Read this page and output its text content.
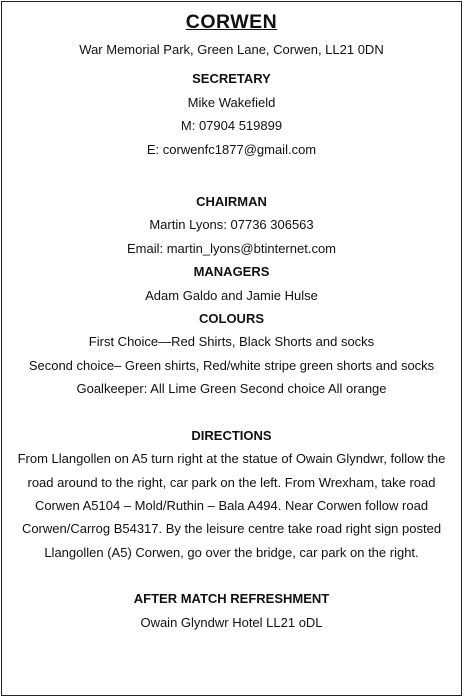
CORWEN
War Memorial Park, Green Lane, Corwen, LL21 0DN
SECRETARY
Mike Wakefield
M: 07904 519899
E: corwenfc1877@gmail.com
CHAIRMAN
Martin Lyons: 07736 306563
Email: martin_lyons@btinternet.com
MANAGERS
Adam Galdo and Jamie Hulse
COLOURS
First Choice—Red Shirts, Black Shorts and socks
Second choice– Green shirts, Red/white stripe green shorts and socks
Goalkeeper: All Lime Green Second choice All orange
DIRECTIONS
From Llangollen on A5 turn right at the statue of Owain Glyndwr, follow the road around to the right, car park on the left. From Wrexham, take road Corwen A5104 – Mold/Ruthin – Bala A494. Near Corwen follow road Corwen/Carrog B54317. By the leisure centre take road right sign posted Llangollen (A5) Corwen, go over the bridge, car park on the right.
AFTER MATCH REFRESHMENT
Owain Glyndwr Hotel LL21 oDL
